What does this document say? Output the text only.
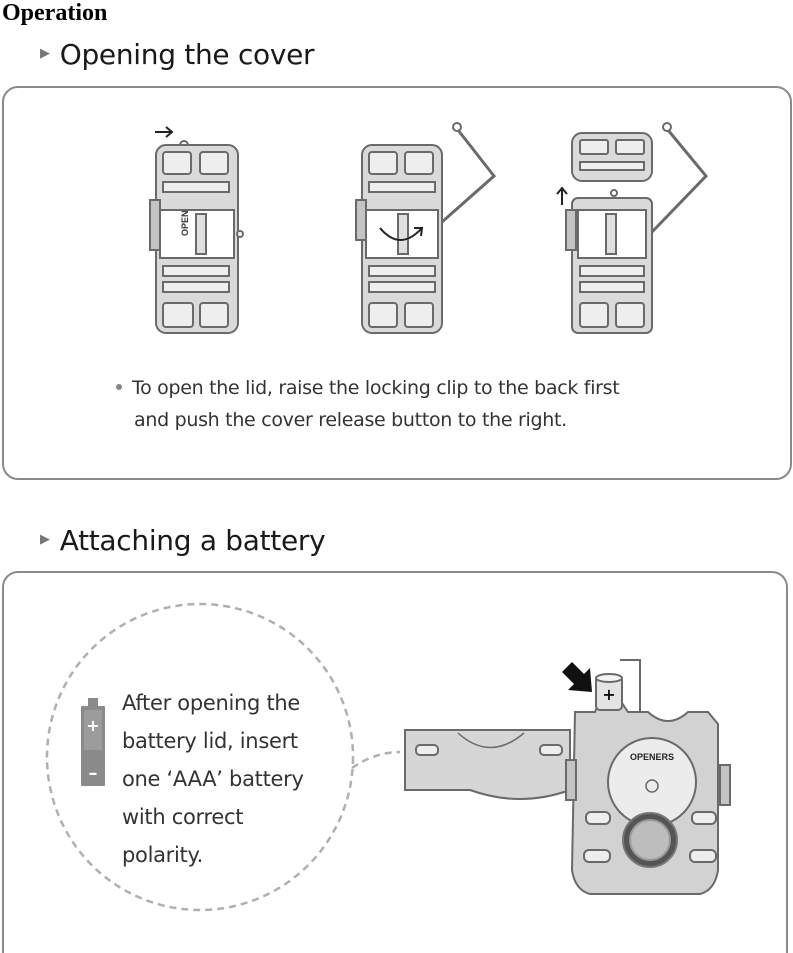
Operation
▶ Opening the cover
▶ Attaching a battery
OPEN
+
–
+
OPENERS
To open the lid, raise the locking clip to the back first
and push the cover release button to the right.
After opening the
battery lid, insert
one ‘AAA’ battery
with correct
polarity.
